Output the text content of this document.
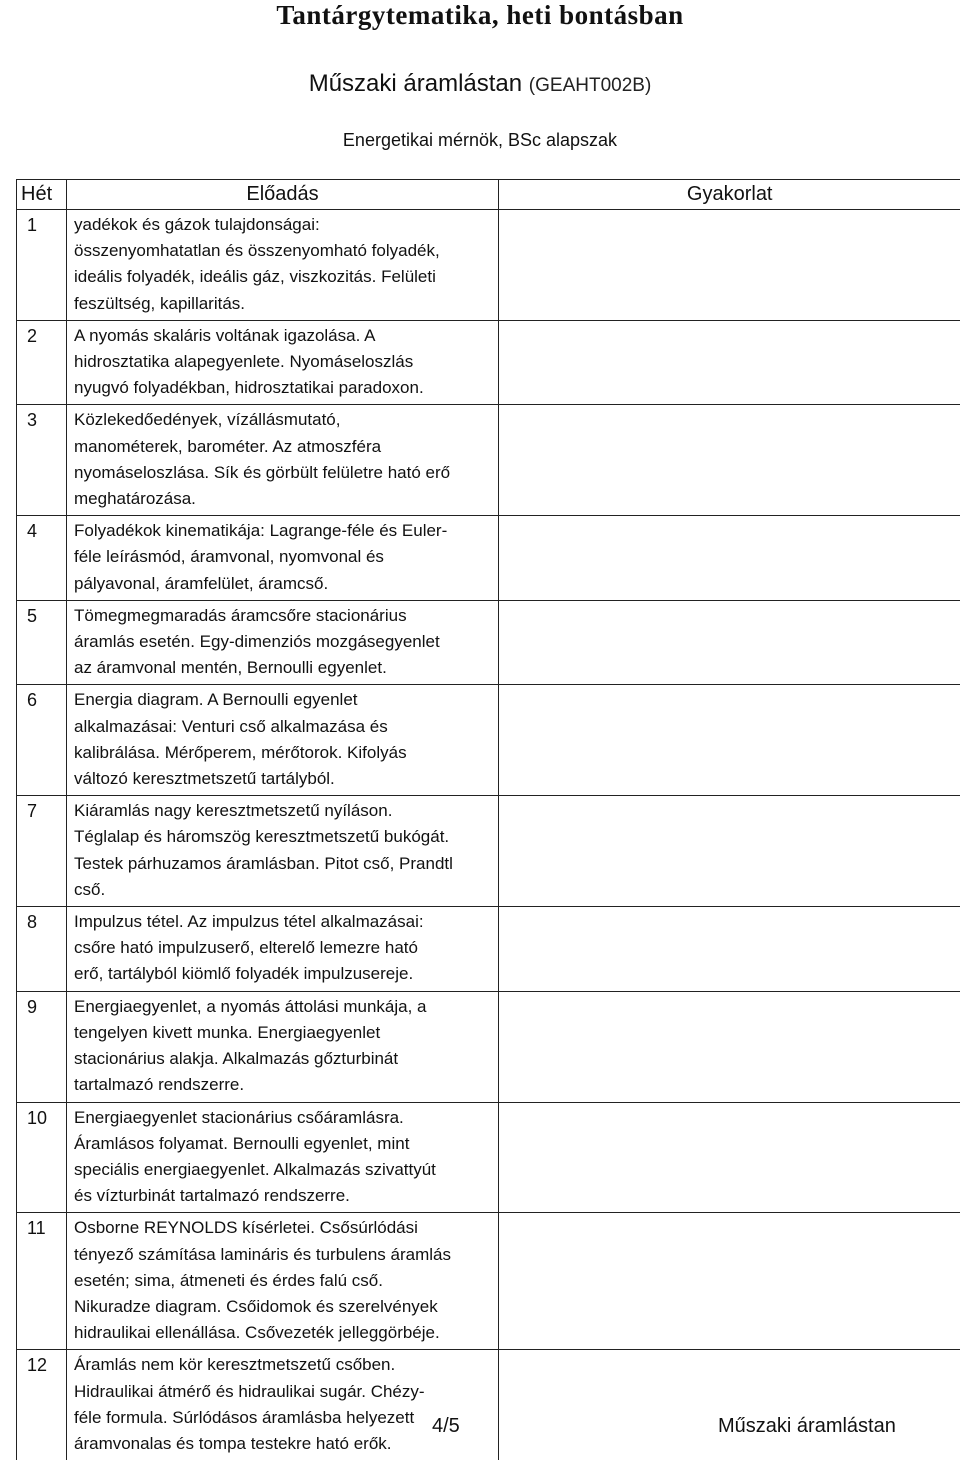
Tantárgytematika, heti bontásban
Műszaki áramlástan (GEAHT002B)
Energetikai mérnök, BSc alapszak
Hét	Előadás	Gyakorlat
1	yadékok és gázok tulajdonságai:
összenyomhatatlan és összenyomható folyadék,
ideális folyadék, ideális gáz, viszkozitás. Felületi
feszültség, kapillaritás.	

2	A nyomás skaláris voltának igazolása. A
hidrosztatika alapegyenlete. Nyomáseloszlás
nyugvó folyadékban, hidrosztatikai paradoxon.	

3	Közlekedőedények, vízállásmutató,
manométerek, barométer. Az atmoszféra
nyomáseloszlása. Sík és görbült felületre ható erő
meghatározása.	

4	Folyadékok kinematikája: Lagrange-féle és Euler-
féle leírásmód, áramvonal, nyomvonal és
pályavonal, áramfelület, áramcső.	

5	Tömegmegmaradás áramcsőre stacionárius
áramlás esetén. Egy-dimenziós mozgásegyenlet
az áramvonal mentén, Bernoulli egyenlet.	

6	Energia diagram. A Bernoulli egyenlet
alkalmazásai: Venturi cső alkalmazása és
kalibrálása. Mérőperem, mérőtorok. Kifolyás
változó keresztmetszetű tartályból.	

7	Kiáramlás nagy keresztmetszetű nyíláson.
Téglalap és háromszög keresztmetszetű bukógát.
Testek párhuzamos áramlásban. Pitot cső, Prandtl
cső.	

8	Impulzus tétel. Az impulzus tétel alkalmazásai:
csőre ható impulzuserő, elterelő lemezre ható
erő, tartályból kiömlő folyadék impulzusereje.	

9	Energiaegyenlet, a nyomás áttolási munkája, a
tengelyen kivett munka. Energiaegyenlet
stacionárius alakja. Alkalmazás gőzturbinát
tartalmazó rendszerre.	

10	Energiaegyenlet stacionárius csőáramlásra.
Áramlásos folyamat. Bernoulli egyenlet, mint
speciális energiaegyenlet. Alkalmazás szivattyút
és vízturbinát tartalmazó rendszerre.	

11	Osborne REYNOLDS kísérletei. Csősúrlódási
tényező számítása lamináris és turbulens áramlás
esetén; sima, átmeneti és érdes falú cső.
Nikuradze diagram. Csőidomok és szerelvények
hidraulikai ellenállása. Csővezeték jelleggörbéje.	

12	Áramlás nem kör keresztmetszetű csőben.
Hidraulikai átmérő és hidraulikai sugár. Chézy-
féle formula. Súrlódásos áramlásba helyezett
áramvonalas és tompa testekre ható erők.	

4/5	Műszaki áramlástan
